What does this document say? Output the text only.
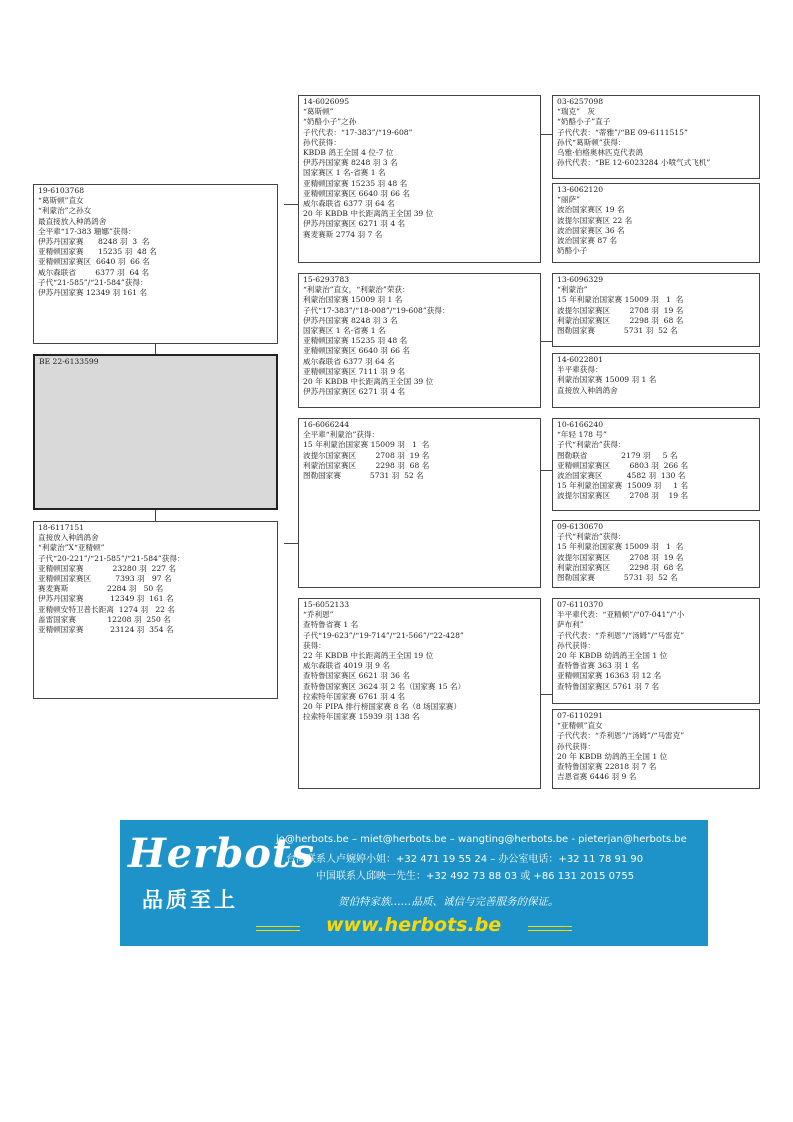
19-6103768
“葛斯顿”直女
“利蒙治”之孙女
最直接放入种鸽鸽舍
全平辈“17-383 珊娜”获得：
伊苏丹国家赛      8248 羽  3  名
亚精顿国家赛      15235 羽  48 名
亚精顿国家赛区  6640 羽  66 名
威尔森联省        6377 羽  64 名
子代“21-585”/“21-584”获得：
伊苏丹国家赛 12349 羽 161 名
BE 22-6133599
18-6117151
直接放入种鸽鸽舍
“利蒙治”X“亚精顿”
子代“20-221”/“21-585”/“21-584”获得：
亚精顿国家赛            23280 羽  227 名
亚精顿国家赛区          7393 羽   97 名
赛麦赛斯                2284 羽   50 名
伊苏丹国家赛           12349 羽  161 名
亚精顿安特卫普长距离  1274 羽   22 名
盖雷国家赛             12208 羽  250 名
亚精顿国家赛           23124 羽  354 名
14-6026095
“葛斯顿”
“奶酪小子”之孙
子代代表：“17-383”/“19-608”
孙代获得：
KBDB 鸽王全国 4 位-7 位
伊苏丹国家赛 8248 羽 3 名
国家赛区 1 名-省赛 1 名
亚精顿国家赛 15235 羽 48 名
亚精顿国家赛区 6640 羽 66 名
威尔森联省 6377 羽 64 名
20 年 KBDB 中长距离鸽王全国 39 位
伊苏丹国家赛区 6271 羽 4 名
赛麦赛斯 2774 羽 7 名
15-6293783
“利蒙治”直女，“利蒙治”荣获：
利蒙治国家赛 15009 羽 1 名
子代“17-383”/“18-008”/“19-608”获得：
伊苏丹国家赛 8248 羽 3 名
国家赛区 1 名-省赛 1 名
亚精顿国家赛 15235 羽 48 名
亚精顿国家赛区 6640 羽 66 名
威尔森联省 6377 羽 64 名
亚精顿国家赛区 7111 羽 9 名
20 年 KBDB 中长距离鸽王全国 39 位
伊苏丹国家赛区 6271 羽 4 名
16-6066244
全平辈“利蒙治”获得：
15 年利蒙治国家赛 15009 羽   1  名
波提尔国家赛区        2708 羽  19 名
利蒙治国家赛区        2298 羽  68 名
图勒国家赛            5731 羽  52 名
15-6052133
“乔利恩”
查特鲁省赛 1 名
子代“19-623”/“19-714”/“21-566”/“22-428”
获得：
22 年 KBDB 中长距离鸽王全国 19 位
威尔森联省 4019 羽 9 名
查特鲁国家赛区 6621 羽 36 名
查特鲁国家赛区 3624 羽 2 名（国家赛 15 名）
拉索特年国家赛 6761 羽 4 名
20 年 PIPA 排行榜国家赛 8 名（8 场国家赛）
拉索特年国家赛 15939 羽 138 名
03-6257098
“瑞克”   灰
“奶酪小子”直子
子代代表：“蒂雅”/“BE 09-6111515”
孙代“葛斯顿”获得：
乌雅·伯格奥林匹克代表鸽
孙代代表：“BE 12-6023284 小喷气式飞机”
13-6062120
“丽萨”
波治国家赛区 19 名
波提尔国家赛区 22 名
波治国家赛区 36 名
波治国家赛 87 名
奶酪小子
13-6096329
“利蒙治”
15 年利蒙治国家赛 15009 羽   1  名
波提尔国家赛区        2708 羽  19 名
利蒙治国家赛区        2298 羽  68 名
图勒国家赛            5731 羽  52 名
14-6022801
半平辈获得：
利蒙治国家赛 15009 羽 1 名
直接放入种鸽鸽舍
10-6166240
“年轻 178 号”
子代“利蒙治”获得：
图勒联省              2179 羽     5 名
亚精顿国家赛区        6803 羽  266 名
波治国家赛区          4582 羽  130 名
15 年利蒙治国家赛  15009 羽     1 名
波提尔国家赛区        2708 羽    19 名
09-6130670
子代“利蒙治”获得：
15 年利蒙治国家赛 15009 羽   1  名
波提尔国家赛区        2708 羽  19 名
利蒙治国家赛区        2298 羽  68 名
图勒国家赛            5731 羽  52 名
07-6110370
半平辈代表：“亚精顿”/“07-041”/“小
萨布利”
子代代表：“乔利恩”/“汤姆”/“马雷克”
孙代获得：
20 年 KBDB 幼鸽鸽王全国 1 位
查特鲁省赛 363 羽 1 名
亚精顿国家赛 16363 羽 12 名
查特鲁国家赛区 5761 羽 7 名
07-6110291
“亚精顿”直女
子代代表：“乔利恩”/“汤姆”/“马雷克”
孙代获得：
20 年 KBDB 幼鸽鸽王全国 1 位
查特鲁国家赛 22818 羽 7 名
吉恩省赛 6446 羽 9 名
Herbots
jo@herbots.be – miet@herbots.be – wangting@herbots.be - pieterjan@herbots.be
台湾联系人卢婉婷小姐：+32 471 19 55 24 – 办公室电话：+32 11 78 91 90
中国联系人邱映一先生：+32 492 73 88 03 或 +86 131 2015 0755
品质至上	贺伯特家族……品质、诚信与完善服务的保证。
www.herbots.be
